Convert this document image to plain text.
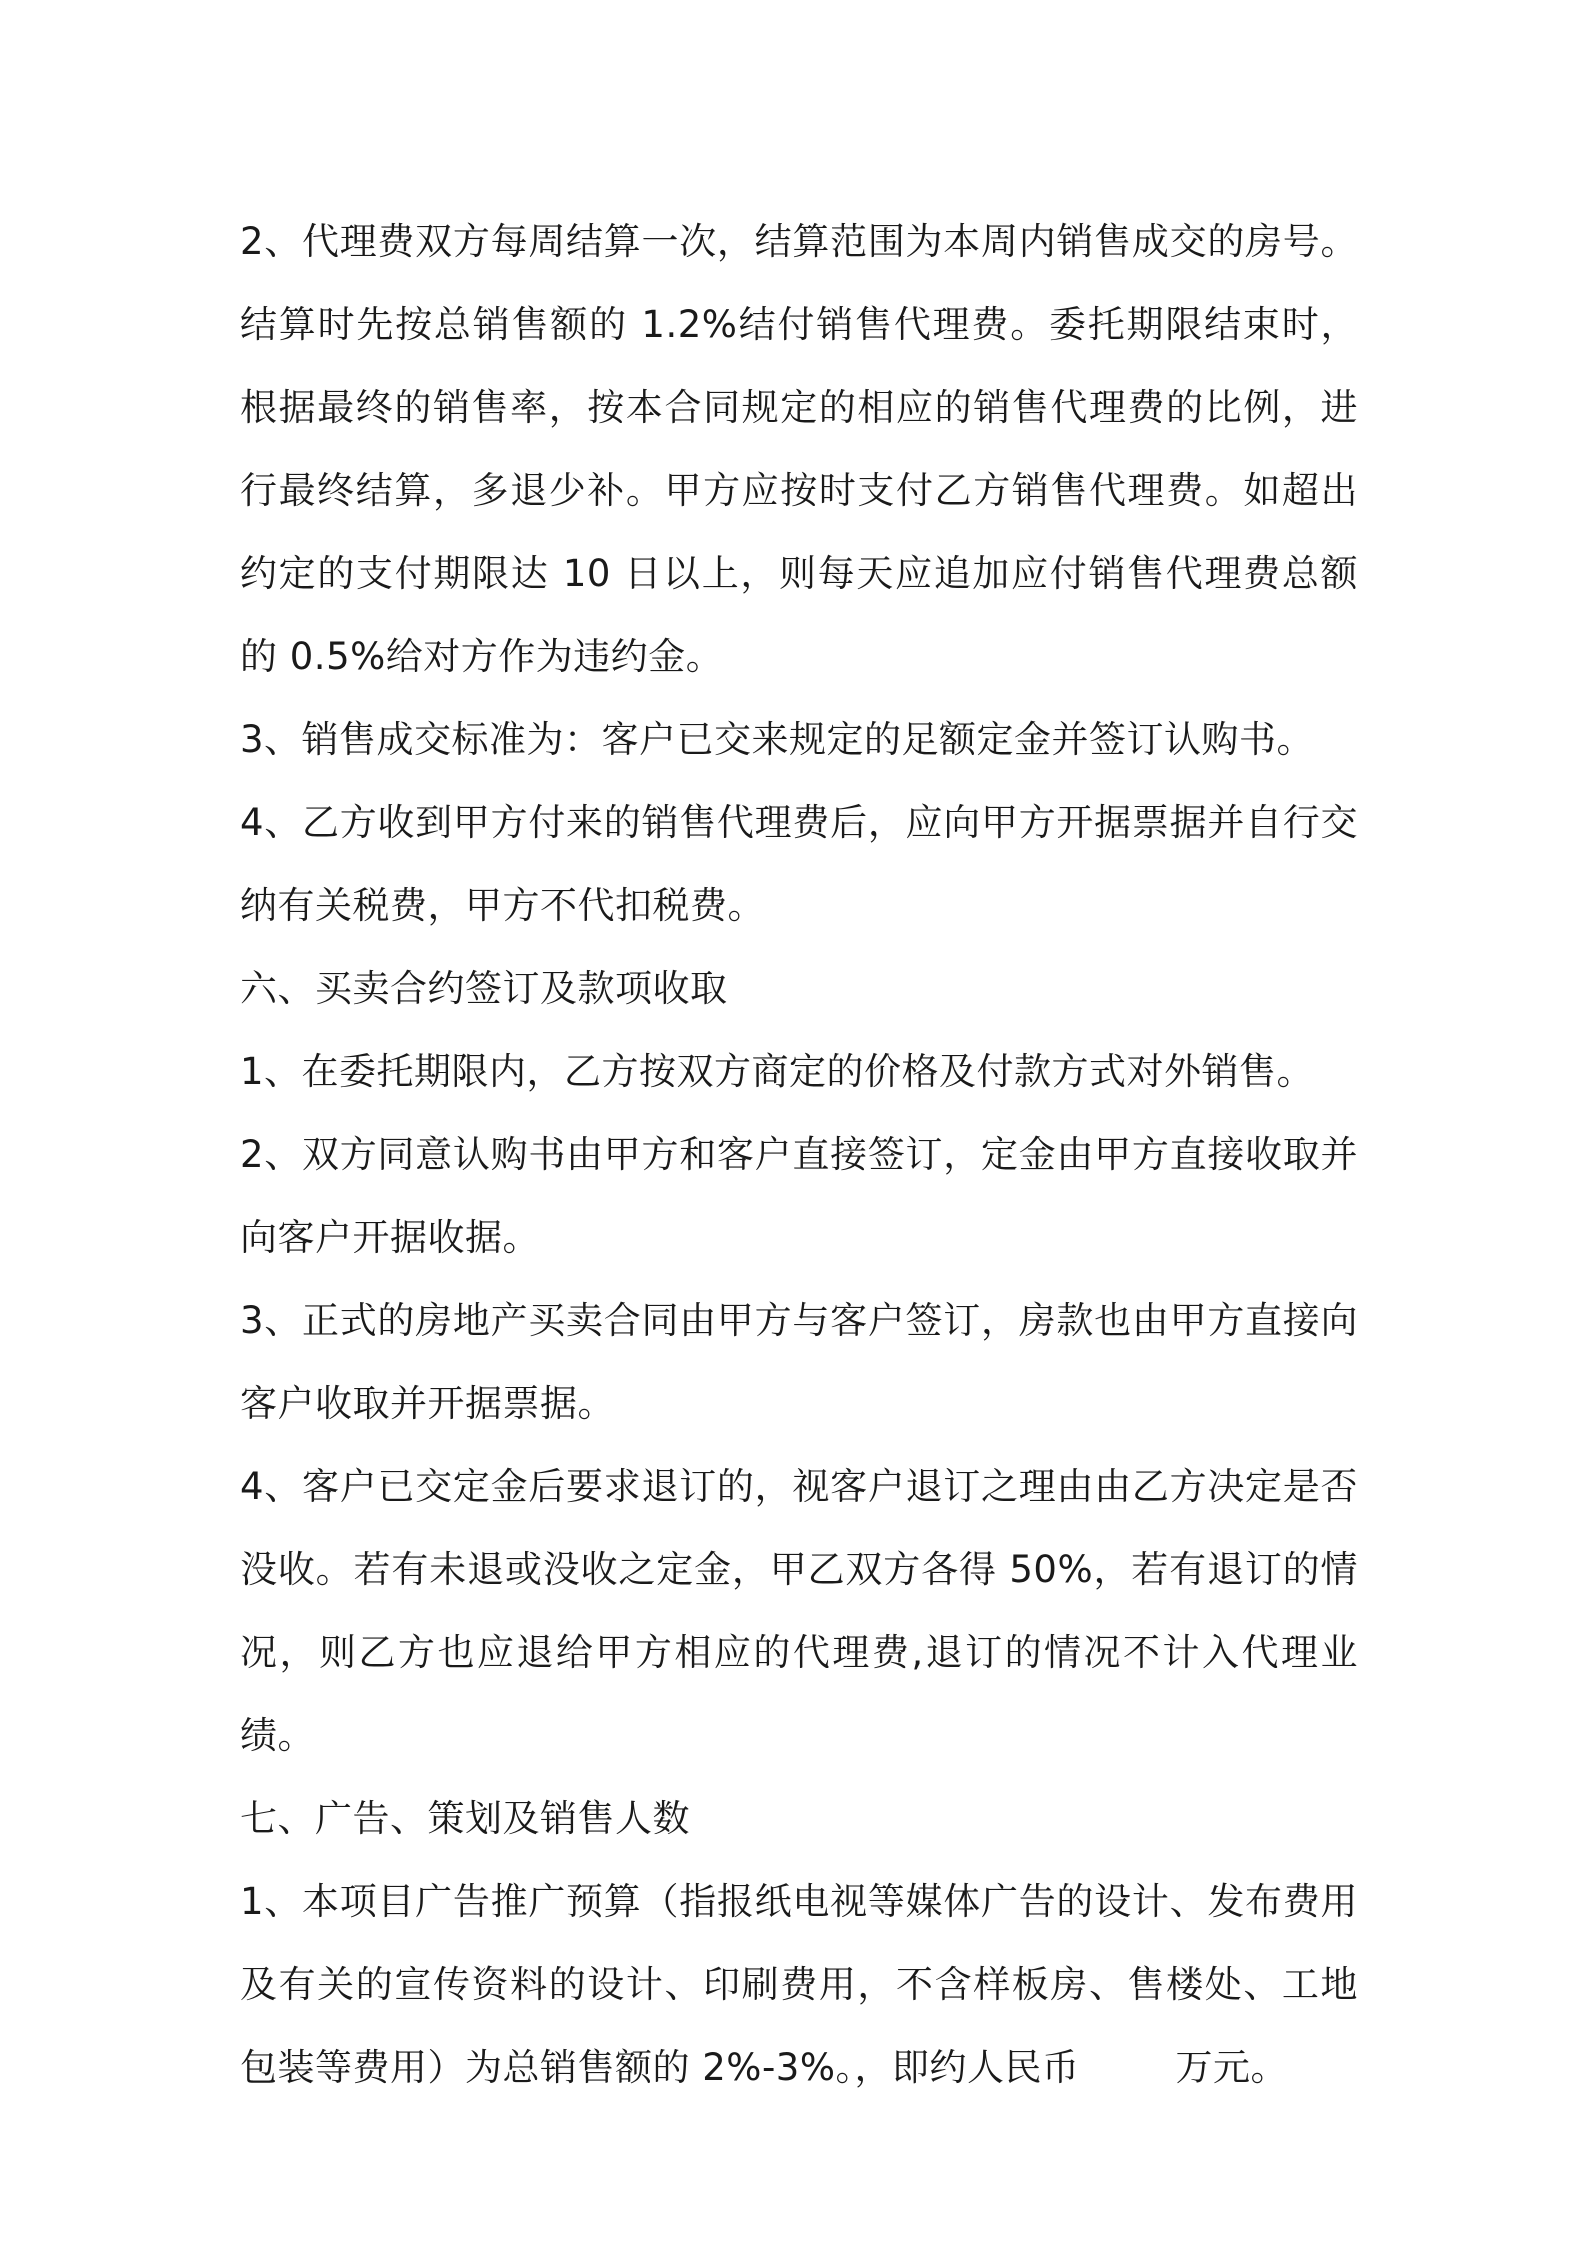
2、代理费双方每周结算一次，结算范围为本周内销售成交的房号。结算时先按总销售额的 1.2%结付销售代理费。委托期限结束时，根据最终的销售率，按本合同规定的相应的销售代理费的比例，进行最终结算，多退少补。甲方应按时支付乙方销售代理费。如超出约定的支付期限达 10 日以上，则每天应追加应付销售代理费总额的 0.5%给对方作为违约金。

3、销售成交标准为：客户已交来规定的足额定金并签订认购书。

4、乙方收到甲方付来的销售代理费后，应向甲方开据票据并自行交纳有关税费，甲方不代扣税费。

六、买卖合约签订及款项收取

1、在委托期限内，乙方按双方商定的价格及付款方式对外销售。

2、双方同意认购书由甲方和客户直接签订，定金由甲方直接收取并向客户开据收据。

3、正式的房地产买卖合同由甲方与客户签订，房款也由甲方直接向客户收取并开据票据。

4、客户已交定金后要求退订的，视客户退订之理由由乙方决定是否没收。若有未退或没收之定金，甲乙双方各得 50%，若有退订的情况，则乙方也应退给甲方相应的代理费,退订的情况不计入代理业绩。

七、广告、策划及销售人数

1、本项目广告推广预算（指报纸电视等媒体广告的设计、发布费用及有关的宣传资料的设计、印刷费用，不含样板房、售楼处、工地包装等费用）为总销售额的 2%-3%。，即约人民币	万元。
